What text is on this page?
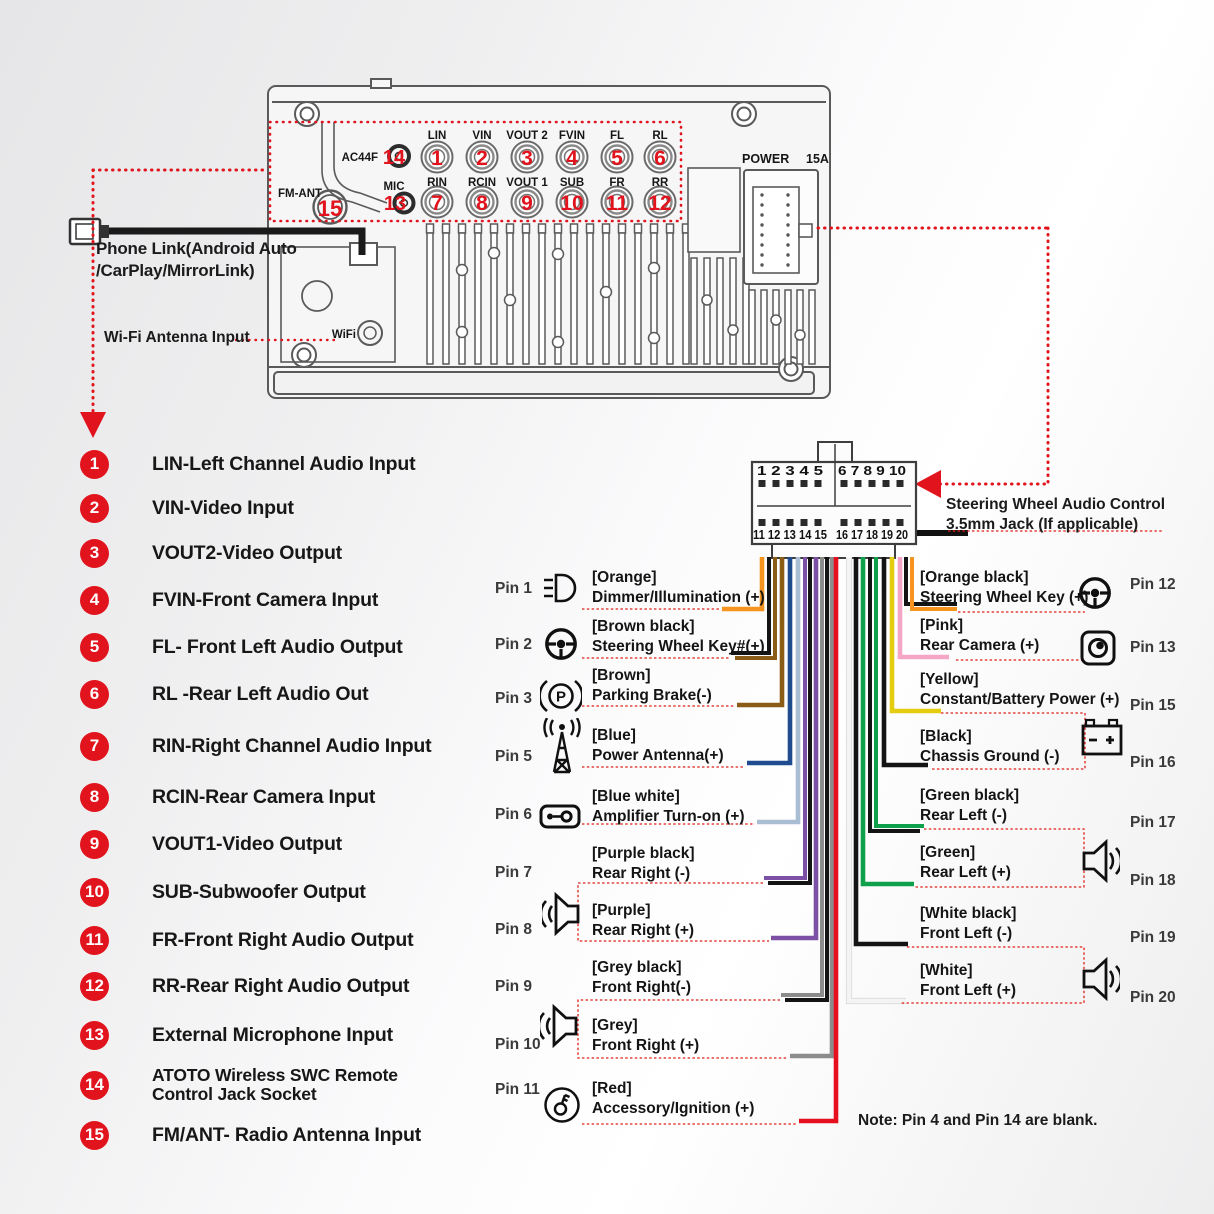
LIN VIN VOUT 2 FVIN FL RL
RIN RCIN VOUT 1 SUB FR RR
1 2 3 4 5 6
7 8 9 10 11 12
FM-ANT
15
AC44F 14
MIC
13
WiFi
POWER 15A
1 2 3 4 5 6 7 8 9 10
11 12 13 14 15 16 17 18 19 20
Phone Link(Android Auto
/CarPlay/MirrorLink)
Wi-Fi Antenna Input
Steering Wheel Audio Control
3.5mm Jack (If applicable)
Note: Pin 4 and Pin 14 are blank.
1	LIN-Left Channel Audio Input
2	VIN-Video Input
3	VOUT2-Video Output
4	FVIN-Front Camera Input
5	FL- Front Left Audio Output
6	RL -Rear Left Audio Out
7	RIN-Right Channel Audio Input
8	RCIN-Rear Camera Input
9	VOUT1-Video Output
10 SUB-Subwoofer Output
11 FR-Front Right Audio Output
12 RR-Rear Right Audio Output
13 External Microphone Input
14	ATOTO Wireless SWC Remote
Control Jack Socket
15 FM/ANT- Radio Antenna Input
Pin 1
[Orange]
Dimmer/Illumination (+)
Pin 2
[Brown black]
Steering Wheel Key#(+)
Pin 3
[Brown]
Parking Brake(-)
Pin 5
[Blue]
Power Antenna(+)
Pin 6
[Blue white]
Amplifier Turn-on (+)
Pin 7
[Purple black]
Rear Right (-)
Pin 8
[Purple]
Rear Right (+)
Pin 9
[Grey black]
Front Right(-)
Pin 10
[Grey]
Front Right (+)
Pin 11	[Red]
Accessory/Ignition (+)
[Orange black]
Steering Wheel Key (+)
Pin 12
[Pink]
Rear Camera (+)	Pin 13
[Yellow]
Constant/Battery Power (+) Pin 15
[Black]
Chassis Ground (-)	Pin 16
[Green black]
Rear Left (-)	Pin 17
[Green]
Rear Left (+)	Pin 18
[White black]
Front Left (-)	Pin 19
[White]
Front Left (+)	Pin 20
P
